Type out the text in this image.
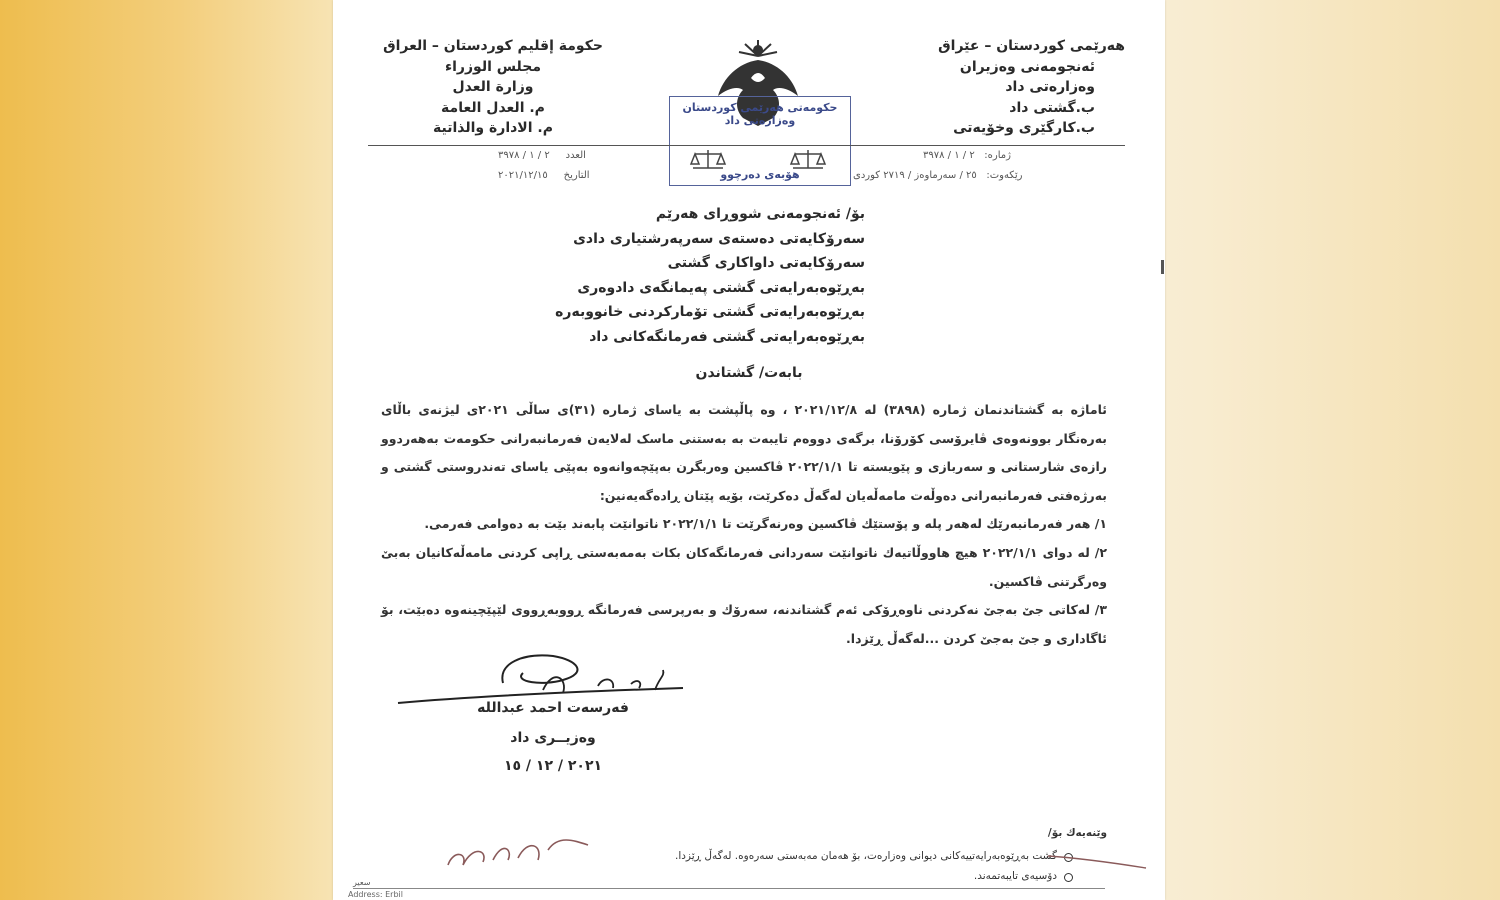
حكومة إقليم كوردستان – العراق
مجلس الوزراء
وزارة العدل
م. العدل العامة
م. الادارة والذاتية
هەرێمی کوردستان – عێراق
ئەنجومەنی وەزیران
وەزارەتی داد
ب.گشتی داد
ب.کارگێری وخۆیەتی
حکومەتی هەرێمی کوردستان
وەزارەتی داد
هۆبەی دەرچوو
العدد     ٢ / ١ / ٣٩٧٨
التاريخ     ٢٠٢١/١٢/١٥
ژمارە:   ٢ / ١ / ٣٩٧٨
رێکەوت:   ٢٥ / سەرماوەز / ٢٧١٩ کوردی
بۆ/ ئەنجومەنی شووڕای هەرێم
سەرۆکایەتی دەستەی سەرپەرشتیاری دادی
سەرۆکایەتی داواکاری گشتی
بەڕێوەبەرایەتی گشتی پەیمانگەی دادوەری
بەڕێوەبەرایەتی گشتی تۆمارکردنی خانووبەرە
بەڕێوەبەرایەتی گشتی فەرمانگەکانی داد
بابەت/ گشتاندن

ئاماژە بە گشتاندنمان ژمارە (٣٨٩٨) لە ٢٠٢١/١٢/٨ ، وە پاڵپشت بە یاسای ژمارە (٣١)ی ساڵی ٢٠٢١ی لیژنەی باڵای بەرەنگار بوونەوەی ڤایرۆسی کۆرۆنا، برگەی دووەم تایبەت بە بەستنی ماسک لەلایەن فەرمانبەرانی حکومەت بەهەردوو رازەی شارستانی و سەربازی و پێویستە تا ٢٠٢٢/١/١ ڤاکسین وەربگرن بەپێچەوانەوە بەپێی یاسای تەندروستی گشتی و بەرژەفتی فەرمانبەرانی دەوڵەت مامەڵەیان لەگەڵ دەکرێت، بۆیە پێتان ڕادەگەیەنین:

١/ هەر فەرمانبەرێك لەهەر پلە و پۆستێك ڤاکسین وەرنەگرێت تا ٢٠٢٢/١/١ ناتوانێت پابەند بێت بە دەوامی فەرمی.

٢/ لە دوای ٢٠٢٢/١/١ هیچ هاووڵاتیەك ناتوانێت سەردانی فەرمانگەکان بکات بەمەبەستی ڕاپی کردنی مامەڵەکانیان بەبێ وەرگرتنی ڤاکسین.

٣/ لەکاتی جێ بەجێ نەکردنی ناوەڕۆکی ئەم گشتاندنە، سەرۆك و بەرپرسی فەرمانگە ڕووبەڕووی لێپێچینەوە دەبێت، بۆ ئاگاداری و جێ بەجێ کردن ...لەگەڵ ڕێزدا.

فەرسەت احمد عبدالله
وەزیــری داد
٢٠٢١ / ١٢ / ١٥
وێنەیەك بۆ/
گشت بەڕێوەبەرایەتییەکانی دیوانی وەزارەت، بۆ هەمان مەبەستی سەرەوە. لەگەڵ ڕێزدا.
دۆسیەی تایبەتمەند.
سعير
Address: Erbil
